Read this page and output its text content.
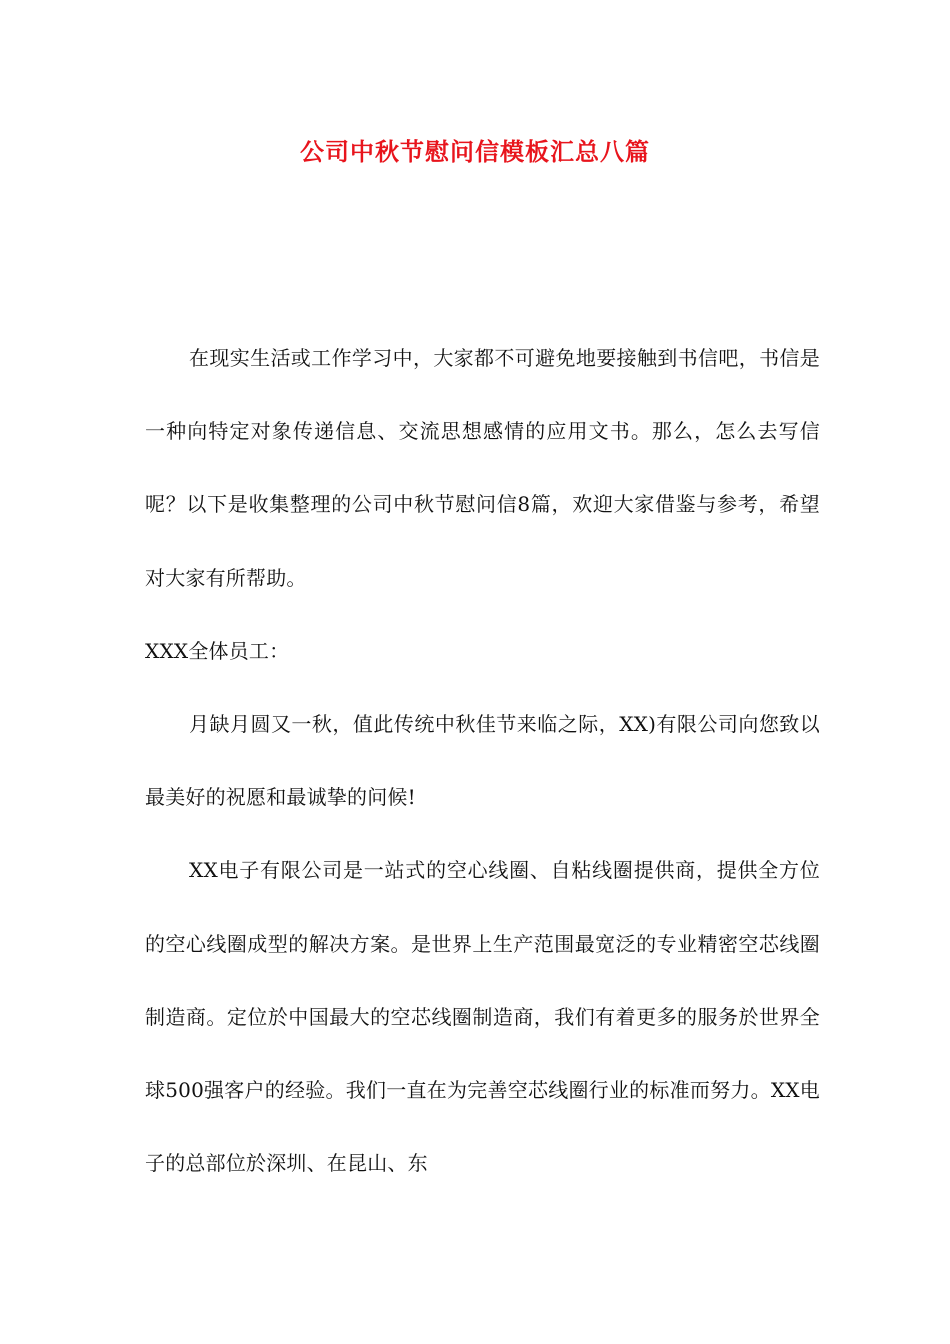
公司中秋节慰问信模板汇总八篇

在现实生活或工作学习中，大家都不可避免地要接触到书信吧，书信是一种向特定对象传递信息、交流思想感情的应用文书。那么，怎么去写信呢？以下是收集整理的公司中秋节慰问信8篇，欢迎大家借鉴与参考，希望对大家有所帮助。

XXX全体员工：

月缺月圆又一秋，值此传统中秋佳节来临之际，XX)有限公司向您致以最美好的祝愿和最诚挚的问候!

XX电子有限公司是一站式的空心线圈、自粘线圈提供商，提供全方位的空心线圈成型的解决方案。是世界上生产范围最宽泛的专业精密空芯线圈制造商。定位於中国最大的空芯线圈制造商，我们有着更多的服务於世界全球500强客户的经验。我们一直在为完善空芯线圈行业的标准而努力。XX电子的总部位於深圳、在昆山、东
